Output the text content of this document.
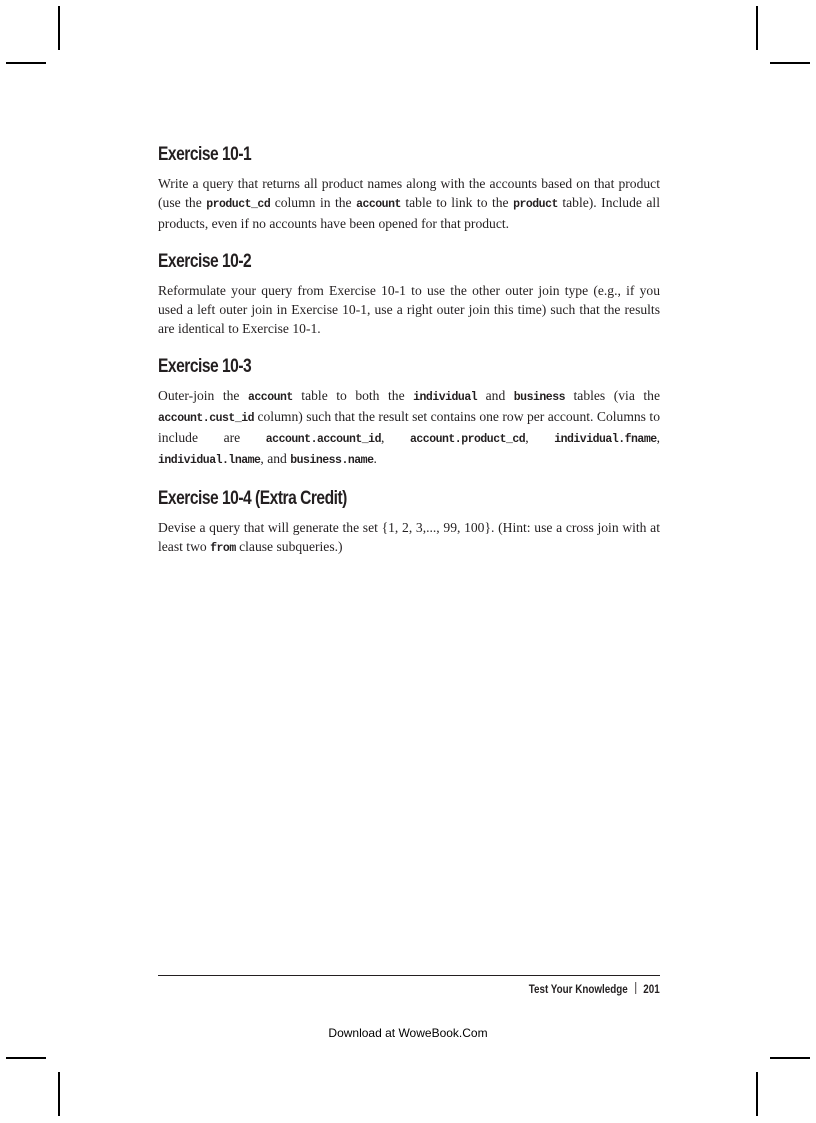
Exercise 10-1

Write a query that returns all product names along with the accounts based on that product (use the product_cd column in the account table to link to the product table). Include all products, even if no accounts have been opened for that product.

Exercise 10-2

Reformulate your query from Exercise 10-1 to use the other outer join type (e.g., if you used a left outer join in Exercise 10-1, use a right outer join this time) such that the results are identical to Exercise 10-1.

Exercise 10-3

Outer-join the account table to both the individual and business tables (via the account.cust_id column) such that the result set contains one row per account. Columns to include are account.account_id, account.product_cd, individual.fname, individual.lname, and business.name.

Exercise 10-4 (Extra Credit)

Devise a query that will generate the set {1, 2, 3,..., 99, 100}. (Hint: use a cross join with at least two from clause subqueries.)

Test Your Knowledge 201
Download at WoweBook.Com
